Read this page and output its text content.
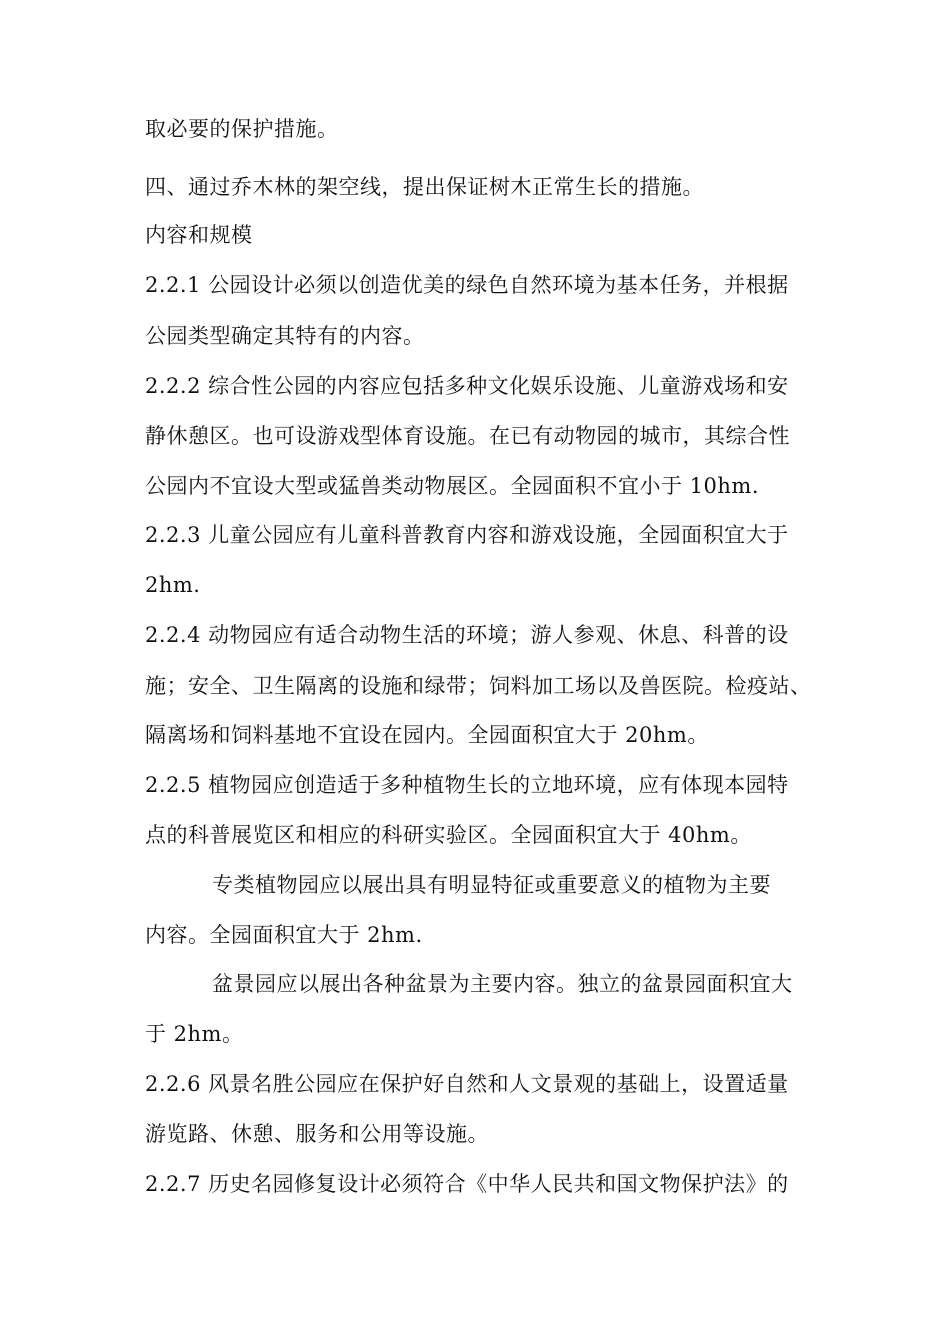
取必要的保护措施。
四、通过乔木林的架空线，提出保证树木正常生长的措施。
内容和规模
2.2.1 公园设计必须以创造优美的绿色自然环境为基本任务，并根据
公园类型确定其特有的内容。
2.2.2 综合性公园的内容应包括多种文化娱乐设施、儿童游戏场和安
静休憩区。也可设游戏型体育设施。在已有动物园的城市，其综合性
公园内不宜设大型或猛兽类动物展区。全园面积不宜小于 10hm.
2.2.3 儿童公园应有儿童科普教育内容和游戏设施，全园面积宜大于
2hm.
2.2.4 动物园应有适合动物生活的环境；游人参观、休息、科普的设
施；安全、卫生隔离的设施和绿带；饲料加工场以及兽医院。检疫站、
隔离场和饲料基地不宜设在园内。全园面积宜大于 20hm。
2.2.5 植物园应创造适于多种植物生长的立地环境，应有体现本园特
点的科普展览区和相应的科研实验区。全园面积宜大于 40hm。
专类植物园应以展出具有明显特征或重要意义的植物为主要
内容。全园面积宜大于 2hm.
盆景园应以展出各种盆景为主要内容。独立的盆景园面积宜大
于 2hm。
2.2.6 风景名胜公园应在保护好自然和人文景观的基础上，设置适量
游览路、休憩、服务和公用等设施。
2.2.7 历史名园修复设计必须符合《中华人民共和国文物保护法》的
